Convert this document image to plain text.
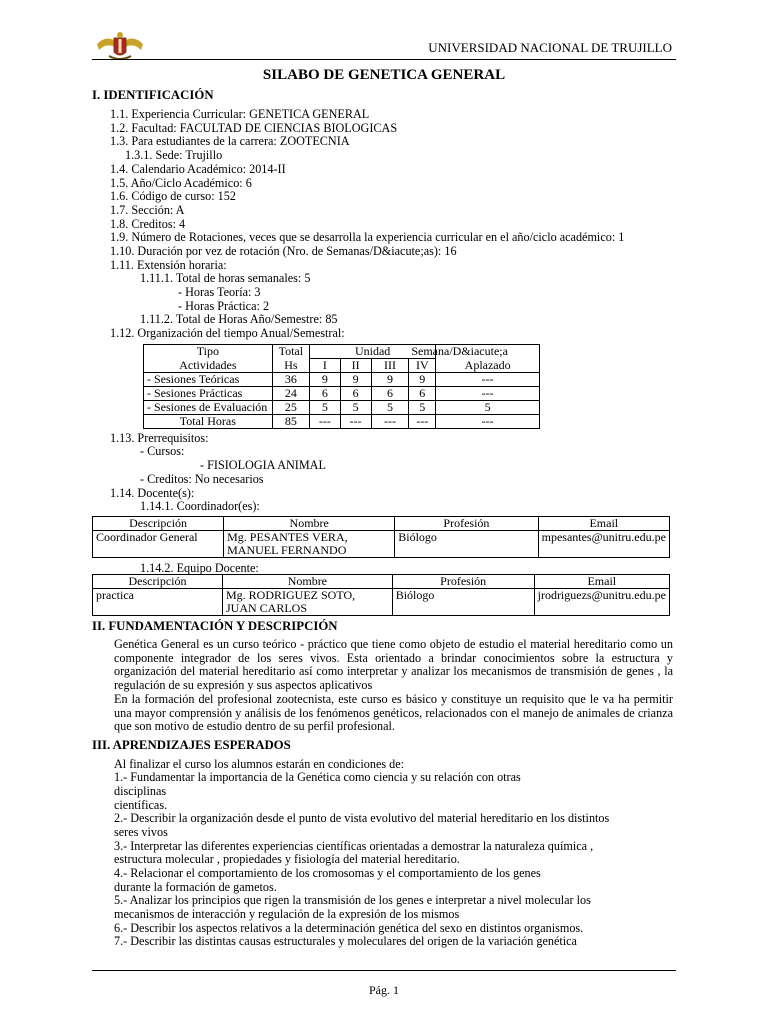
UNIVERSIDAD NACIONAL DE TRUJILLO
SILABO DE GENETICA GENERAL
I. IDENTIFICACIÓN
1.1. Experiencia Curricular: GENETICA GENERAL
1.2. Facultad: FACULTAD DE CIENCIAS BIOLOGICAS
1.3. Para estudiantes de la carrera: ZOOTECNIA
1.3.1. Sede: Trujillo
1.4. Calendario Académico: 2014-II
1.5. Año/Ciclo Académico: 6
1.6. Código de curso: 152
1.7. Sección: A
1.8. Creditos: 4
1.9. Número de Rotaciones, veces que se desarrolla la experiencia curricular en el año/ciclo académico: 1
1.10. Duración por vez de rotación (Nro. de Semanas/D&iacute;as): 16
1.11. Extensión horaria:
1.11.1. Total de horas semanales: 5
- Horas Teoría: 3
- Horas Práctica: 2
1.11.2. Total de Horas Año/Semestre: 85
1.12. Organización del tiempo Anual/Semestral:
Tipo	Total	Unidad				Semana/D&iacute;a
Actividades	Hs	I	II	III	IV	Aplazado
- Sesiones Teóricas	36	9	9	9	9	---
- Sesiones Prácticas	24	6	6	6	6	---
- Sesiones de Evaluación	25	5	5	5	5	5
Total Horas	85	---	---	---	---	---
1.13. Prerrequisitos:
- Cursos:
- FISIOLOGIA ANIMAL
- Creditos: No necesarios
1.14. Docente(s):
1.14.1. Coordinador(es):
Descripción	Nombre	Profesión	Email
Coordinador General	Mg. PESANTES VERA,
MANUEL FERNANDO	Biólogo	mpesantes@unitru.edu.pe
1.14.2. Equipo Docente:
Descripción	Nombre	Profesión	Email
practica	Mg. RODRIGUEZ SOTO,
JUAN CARLOS	Biólogo	jrodriguezs@unitru.edu.pe
II. FUNDAMENTACIÓN Y DESCRIPCIÓN
Genética General es un curso teórico - práctico que tiene como objeto de estudio el material hereditario como un componente integrador de los seres vivos. Esta orientado a brindar conocimientos sobre la estructura y organización del material hereditario así como interpretar y analizar los mecanismos de transmisión de genes , la regulación de su expresión y sus aspectos aplicativos
En la formación del profesional zootecnista, este curso es básico y constituye un requisito que le va ha permitir una mayor comprensión y análisis de los fenómenos genéticos, relacionados con el manejo de animales de crianza que son motivo de estudio dentro de su perfil profesional.
III. APRENDIZAJES ESPERADOS
Al finalizar el curso los alumnos estarán en condiciones de:
1.- Fundamentar la importancia de la Genética como ciencia y su relación con otras
disciplinas
científicas.
2.- Describir la organización desde el punto de vista evolutivo del material hereditario en los distintos
seres vivos
3.- Interpretar las diferentes experiencias científicas orientadas a demostrar la naturaleza química ,
estructura molecular , propiedades y fisiología del material hereditario.
4.- Relacionar el comportamiento de los cromosomas y el comportamiento de los genes
durante la formación de gametos.
5.- Analizar los principios que rigen la transmisión de los genes e interpretar a nivel molecular los
mecanismos de interacción y regulación de la expresión de los mismos
6.- Describir los aspectos relativos a la determinación genética del sexo en distintos organismos.
7.- Describir las distintas causas estructurales y moleculares del origen de la variación genética
Pág. 1
